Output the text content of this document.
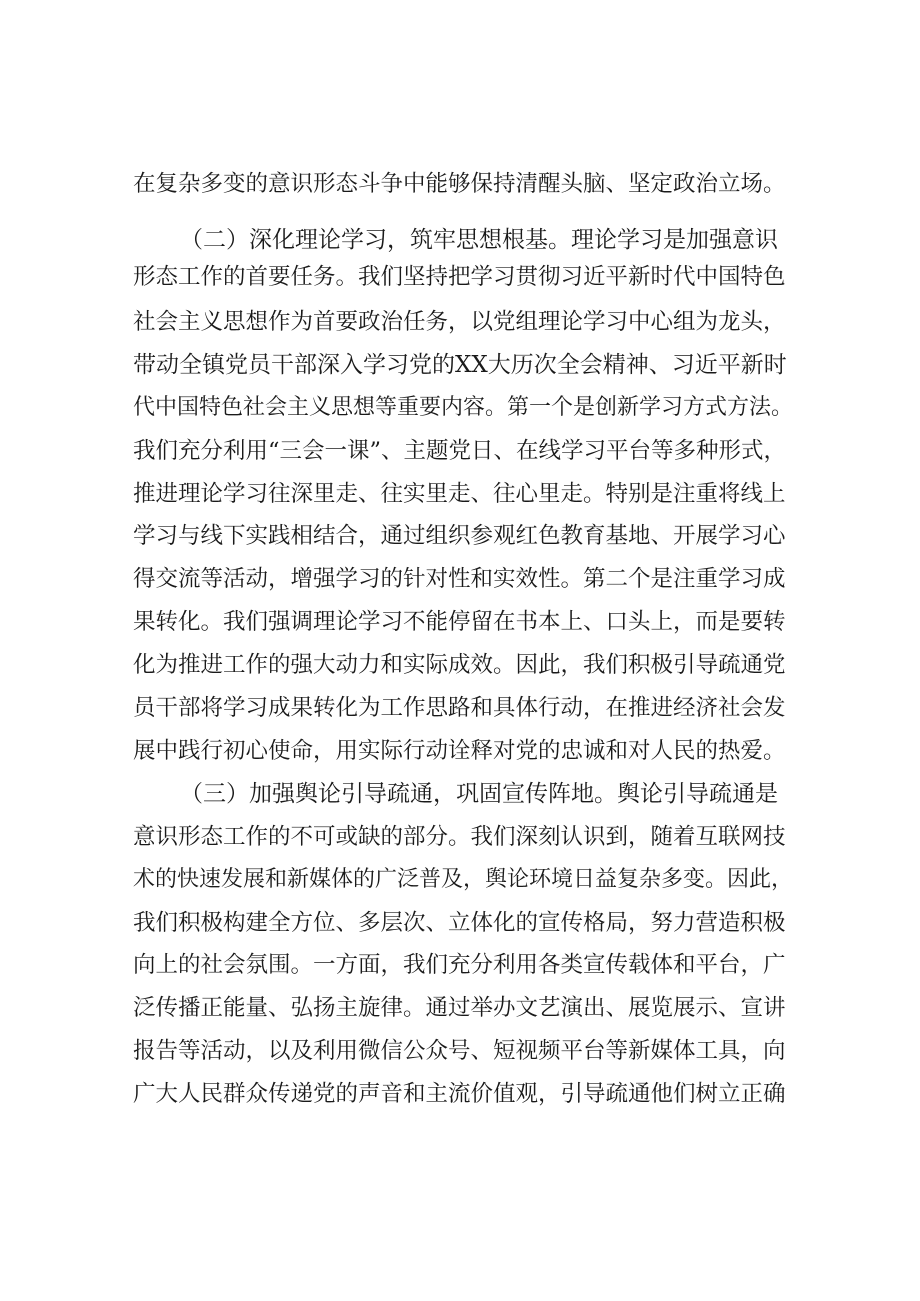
在复杂多变的意识形态斗争中能够保持清醒头脑、坚定政治立场。
（二）深化理论学习，筑牢思想根基。理论学习是加强意识
形态工作的首要任务。我们坚持把学习贯彻习近平新时代中国特色
社会主义思想作为首要政治任务，以党组理论学习中心组为龙头，
带动全镇党员干部深入学习党的XX大历次全会精神、习近平新时
代中国特色社会主义思想等重要内容。第一个是创新学习方式方法。
我们充分利用“三会一课”、主题党日、在线学习平台等多种形式，
推进理论学习往深里走、往实里走、往心里走。特别是注重将线上
学习与线下实践相结合，通过组织参观红色教育基地、开展学习心
得交流等活动，增强学习的针对性和实效性。第二个是注重学习成
果转化。我们强调理论学习不能停留在书本上、口头上，而是要转
化为推进工作的强大动力和实际成效。因此，我们积极引导疏通党
员干部将学习成果转化为工作思路和具体行动，在推进经济社会发
展中践行初心使命，用实际行动诠释对党的忠诚和对人民的热爱。
（三）加强舆论引导疏通，巩固宣传阵地。舆论引导疏通是
意识形态工作的不可或缺的部分。我们深刻认识到，随着互联网技
术的快速发展和新媒体的广泛普及，舆论环境日益复杂多变。因此，
我们积极构建全方位、多层次、立体化的宣传格局，努力营造积极
向上的社会氛围。一方面，我们充分利用各类宣传载体和平台，广
泛传播正能量、弘扬主旋律。通过举办文艺演出、展览展示、宣讲
报告等活动，以及利用微信公众号、短视频平台等新媒体工具，向
广大人民群众传递党的声音和主流价值观，引导疏通他们树立正确
